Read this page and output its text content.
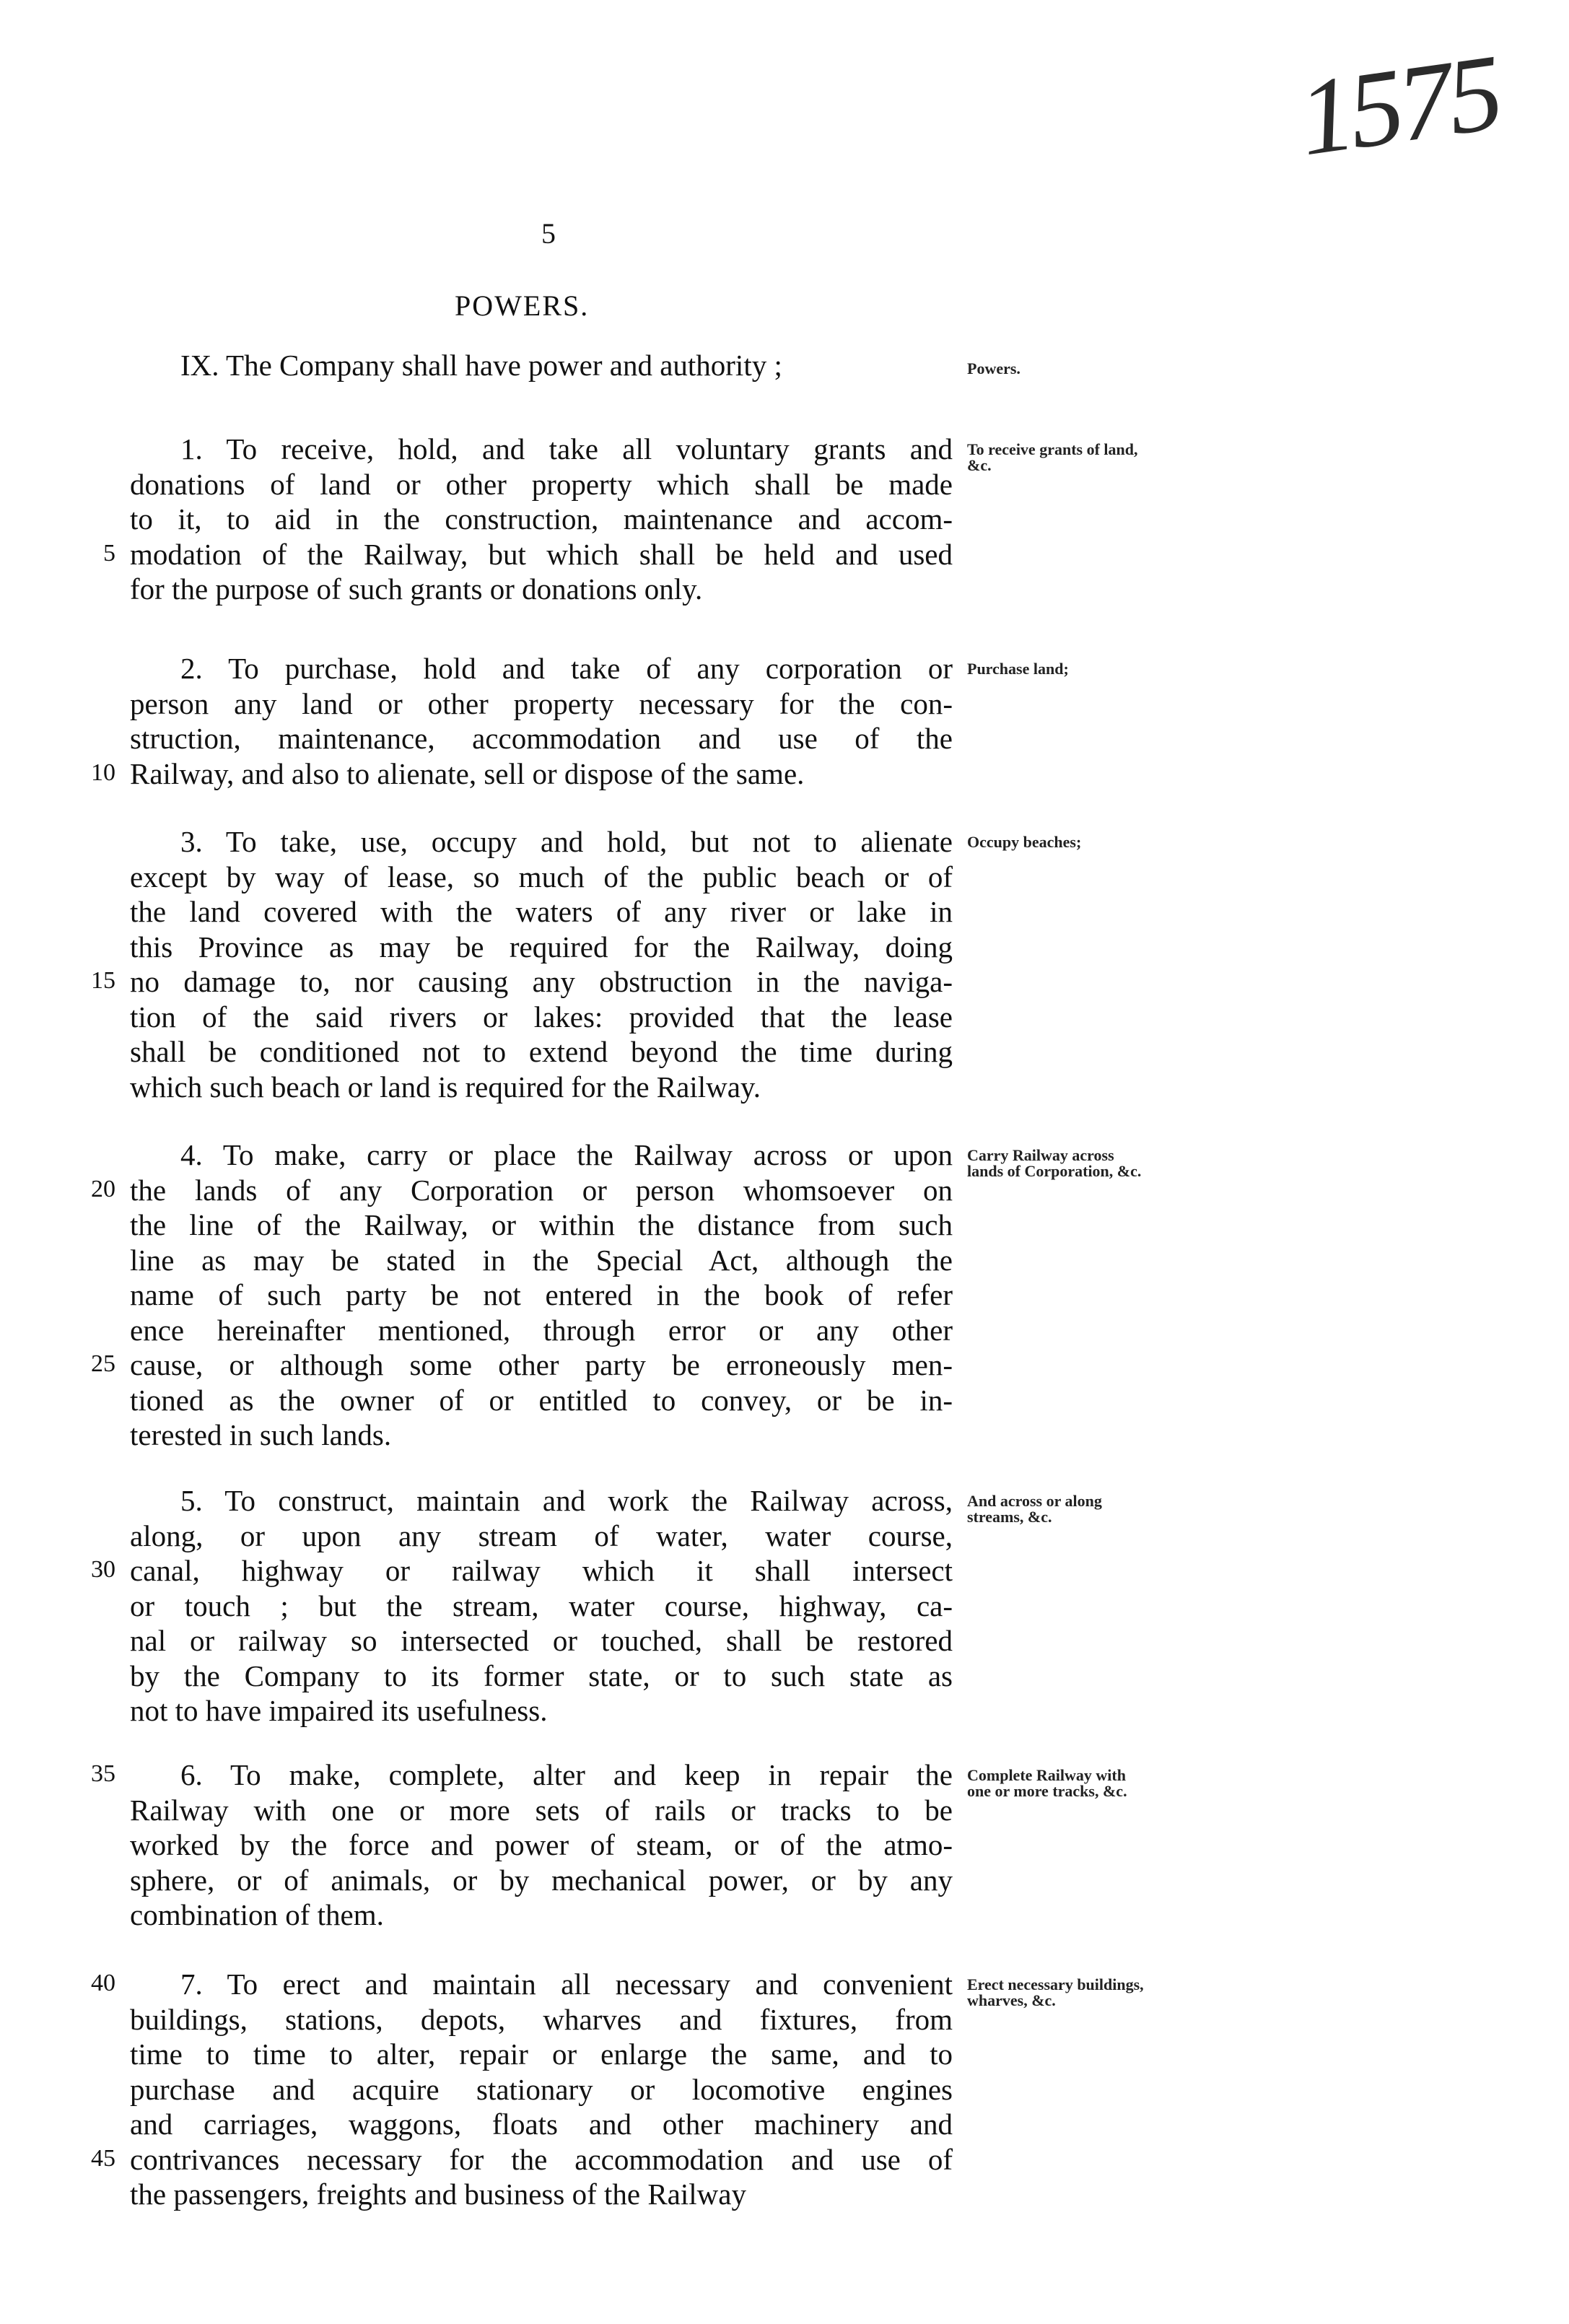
1575
5
POWERS.
IX. The Company shall have power and authority ;	Powers.
1. To receive, hold, and take all voluntary grants and
donations of land or other property which shall be made
to it, to aid in the construction, maintenance and accom-
modation of the Railway, but which shall be held and used
for the purpose of such grants or donations only.
To receive grants of land, &c.
2. To purchase, hold and take of any corporation or
person any land or other property necessary for the con-
struction, maintenance, accommodation and use of the
Railway, and also to alienate, sell or dispose of the same.
Purchase land;
3. To take, use, occupy and hold, but not to alienate
except by way of lease, so much of the public beach or of
the land covered with the waters of any river or lake in
this Province as may be required for the Railway, doing
no damage to, nor causing any obstruction in the naviga-
tion of the said rivers or lakes: provided that the lease
shall be conditioned not to extend beyond the time during
which such beach or land is required for the Railway.
Occupy beaches;
4. To make, carry or place the Railway across or upon
the lands of any Corporation or person whomsoever on
the line of the Railway, or within the distance from such
line as may be stated in the Special Act, although the
name of such party be not entered in the book of refer
ence hereinafter mentioned, through error or any other
cause, or although some other party be erroneously men-
tioned as the owner of or entitled to convey, or be in-
terested in such lands.
Carry Railway across lands of Corporation, &c.
5. To construct, maintain and work the Railway across,
along, or upon any stream of water, water course,
canal, highway or railway which it shall intersect
or touch ; but the stream, water course, highway, ca-
nal or railway so intersected or touched, shall be restored
by the Company to its former state, or to such state as
not to have impaired its usefulness.
And across or along streams, &c.
6. To make, complete, alter and keep in repair the
Railway with one or more sets of rails or tracks to be
worked by the force and power of steam, or of the atmo-
sphere, or of animals, or by mechanical power, or by any
combination of them.
Complete Railway with one or more tracks, &c.
7. To erect and maintain all necessary and convenient
buildings, stations, depots, wharves and fixtures, from
time to time to alter, repair or enlarge the same, and to
purchase and acquire stationary or locomotive engines
and carriages, waggons, floats and other machinery and
contrivances necessary for the accommodation and use of
the passengers, freights and business of the Railway
Erect necessary buildings, wharves, &c.
5
10
15
20
25
30
35
40
45
